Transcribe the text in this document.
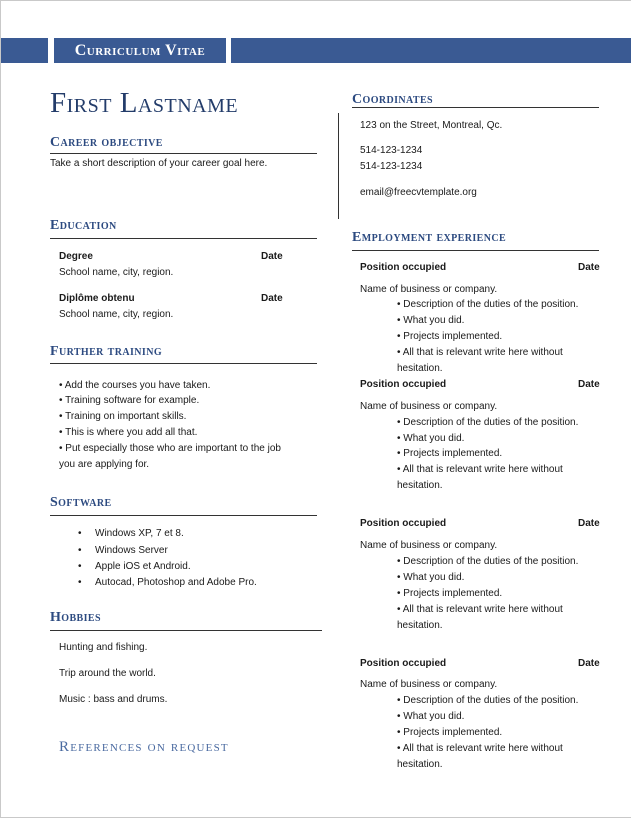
Curriculum Vitae
First Lastname
Career objective
Take a short description of your career goal here.
Education
Degree	Date
School name, city, region.
Diplôme obtenu	Date
School name, city, region.
Further training
• Add the courses you have taken.
• Training software for example.
• Training on important skills.
• This is where you add all that.
• Put especially those who are important to the job
you are applying for.
Software
• Windows XP, 7 et 8.
• Windows Server
• Apple iOS et Android.
• Autocad, Photoshop and Adobe Pro.
Hobbies
Hunting and fishing.
Trip around the world.
Music : bass and drums.
References on request
Coordinates
123 on the Street, Montreal, Qc.
514-123-1234
514-123-1234
email@freecvtemplate.org
Employment experience
Position occupied	Date
Name of business or company.
• Description of the duties of the position.
• What you did.
• Projects implemented.
• All that is relevant write here without
hesitation.
Position occupied	Date
Name of business or company.
• Description of the duties of the position.
• What you did.
• Projects implemented.
• All that is relevant write here without
hesitation.
Position occupied	Date
Name of business or company.
• Description of the duties of the position.
• What you did.
• Projects implemented.
• All that is relevant write here without
hesitation.
Position occupied	Date
Name of business or company.
• Description of the duties of the position.
• What you did.
• Projects implemented.
• All that is relevant write here without
hesitation.
